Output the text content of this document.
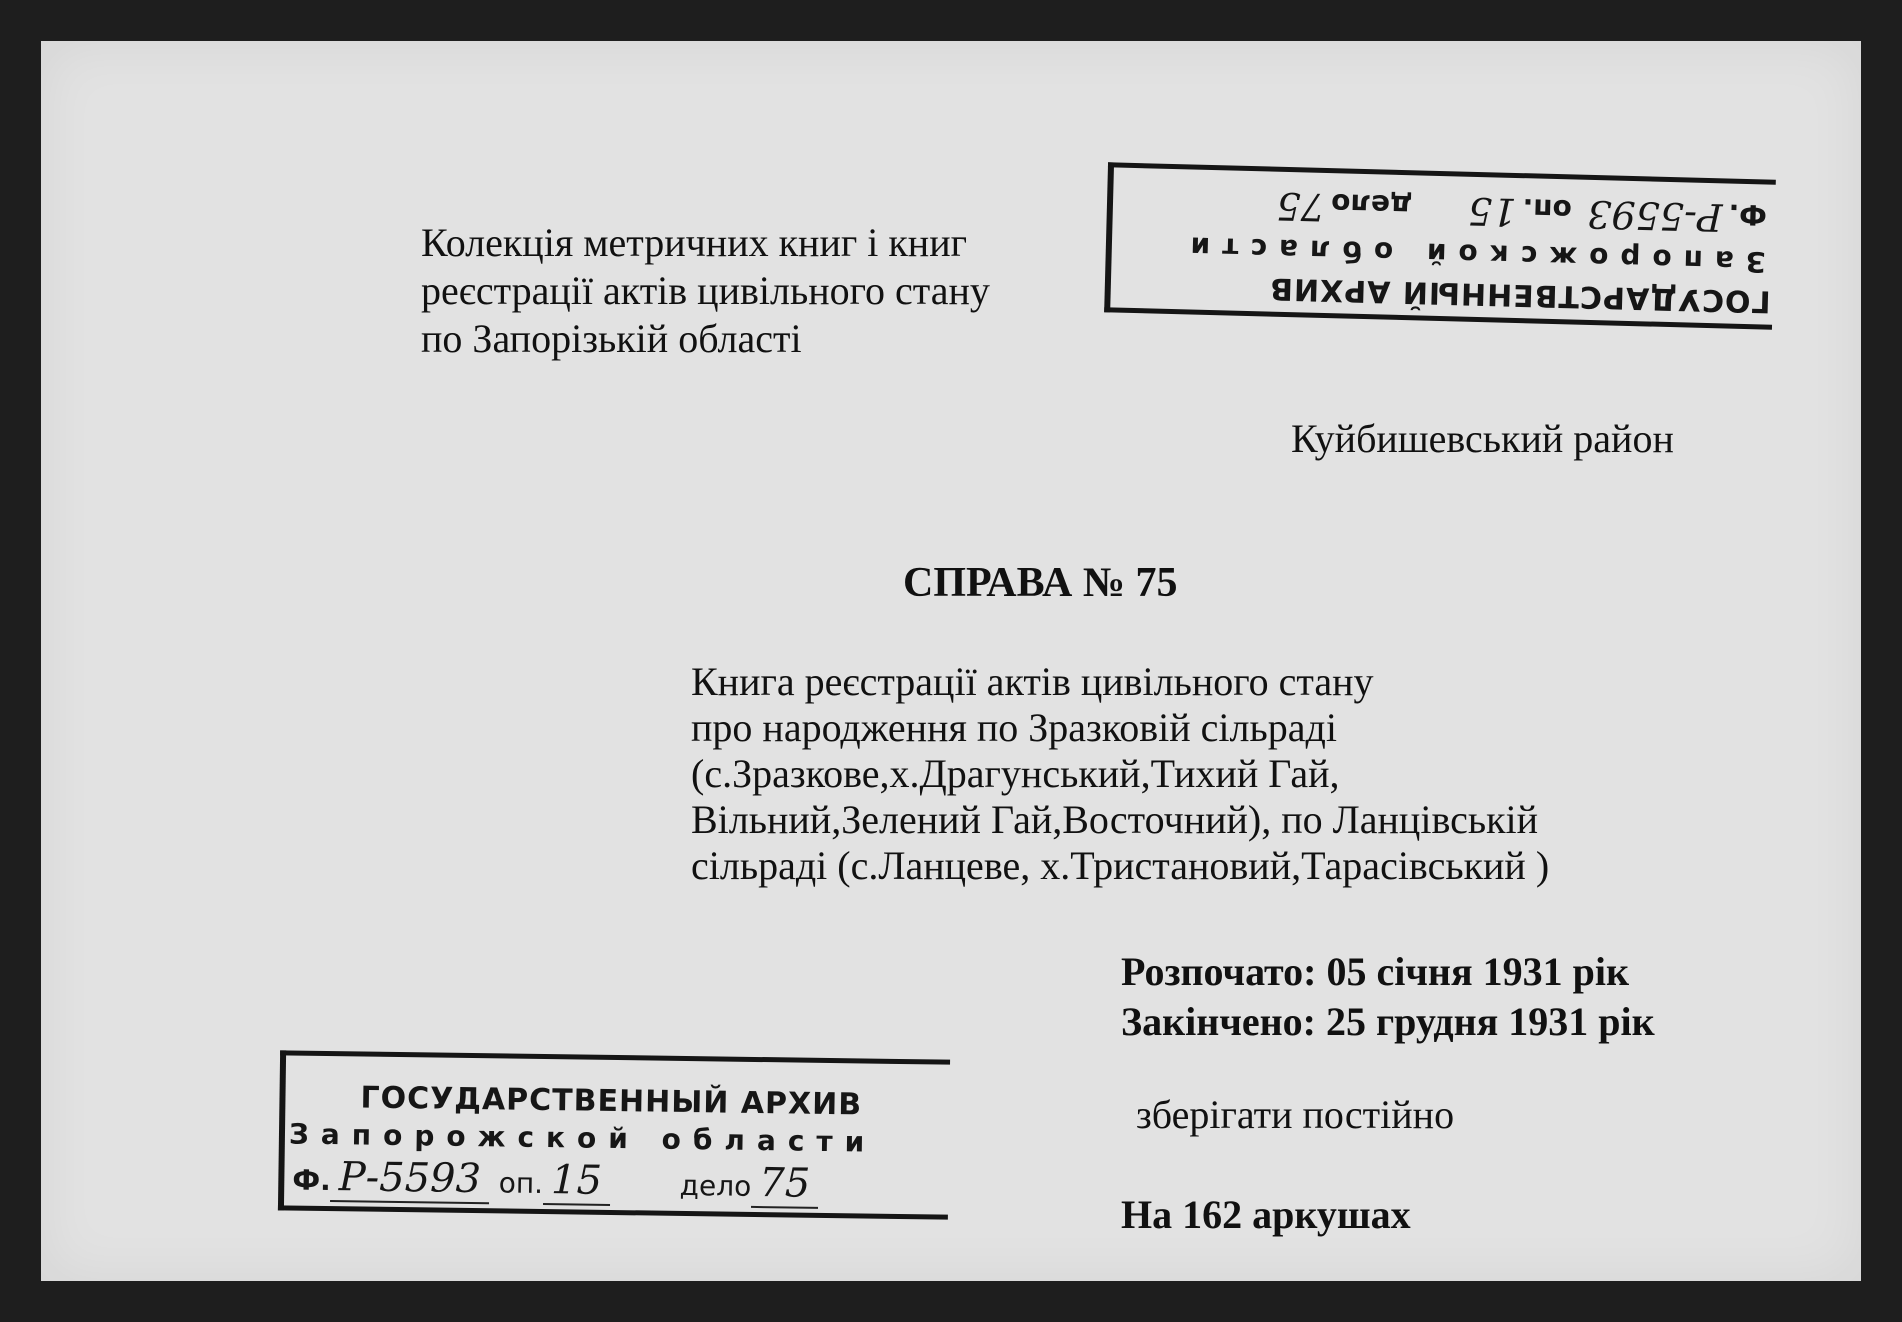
Колекція метричних книг і книг
реєстрації актів цивільного стану
по Запорізькій області
ГОСУДАРСТВЕННЫЙ АРХИВ
Запорожской области
Ф.Р-5593 оп.15 дело75
Куйбишевський район
СПРАВА № 75
Книга реєстрації актів цивільного стану
про народження по Зразковій сільраді
(с.Зразкове,х.Драгунський,Тихий Гай,
Вільний,Зелений Гай,Восточний), по Ланцівській
сільраді (с.Ланцеве, х.Тристановий,Тарасівський )
Розпочато: 05 січня 1931 рік
Закінчено: 25 грудня 1931 рік
зберігати постійно
На 162 аркушах
ГОСУДАРСТВЕННЫЙ АРХИВ
Запорожской области
Ф. Р-5593 оп. 15	дело 75
